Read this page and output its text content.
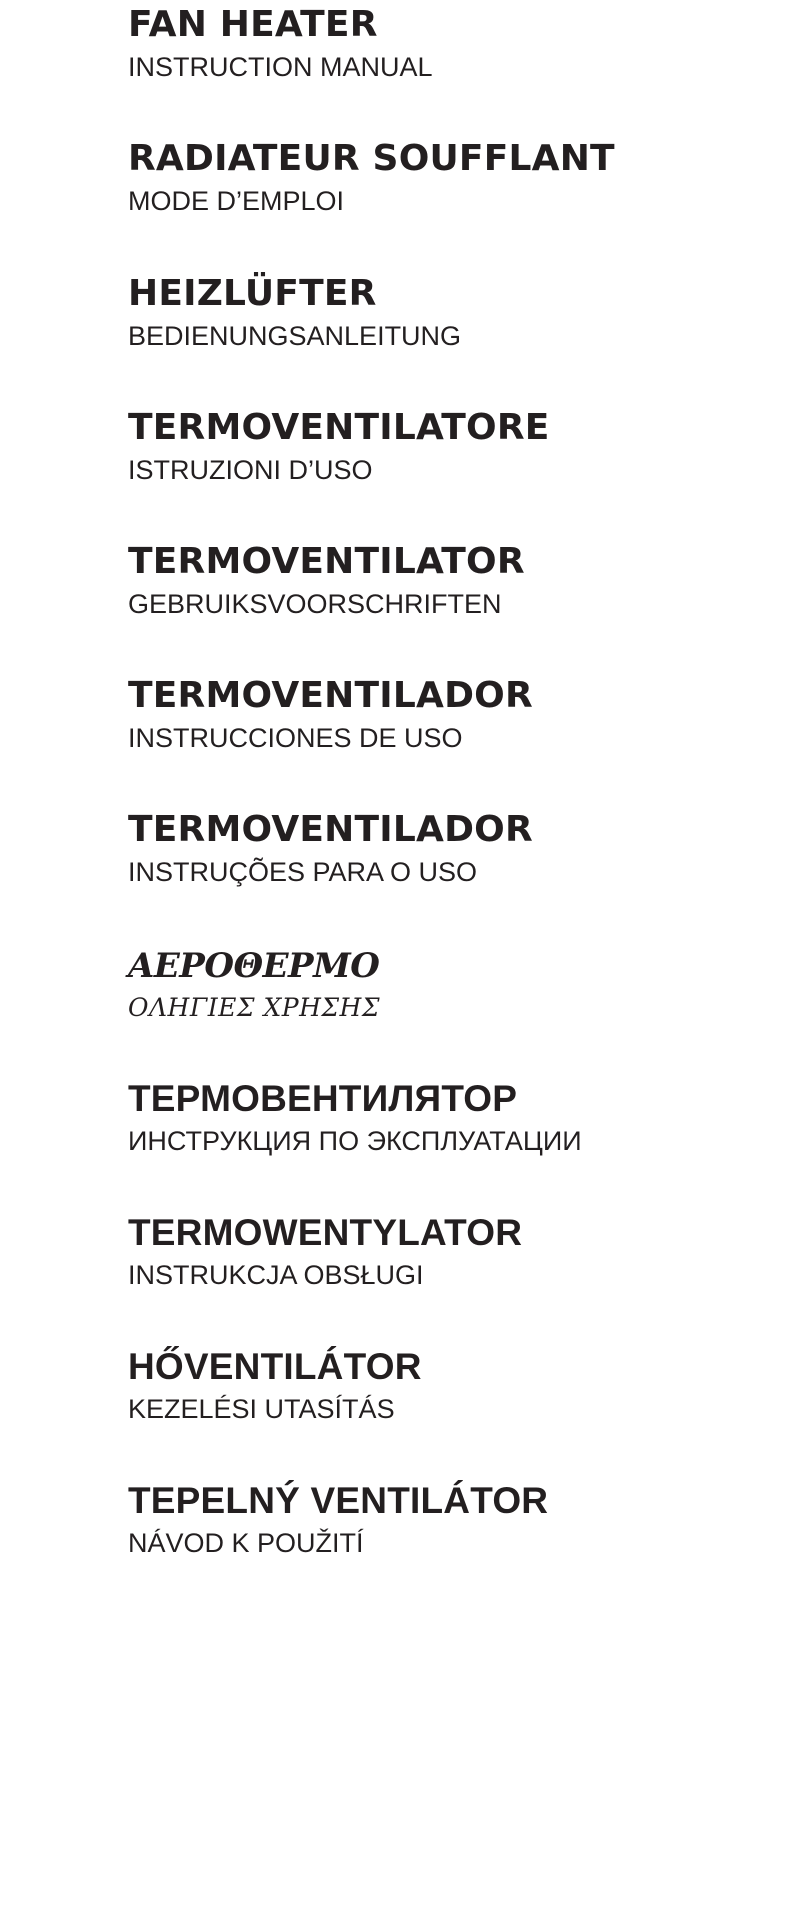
FAN HEATER
INSTRUCTION MANUAL
RADIATEUR SOUFFLANT
MODE D’EMPLOI
HEIZLÜFTER
BEDIENUNGSANLEITUNG
TERMOVENTILATORE
ISTRUZIONI D’USO
TERMOVENTILATOR
GEBRUIKSVOORSCHRIFTEN
TERMOVENTILADOR
INSTRUCCIONES DE USO
TERMOVENTILADOR
INSTRUÇÕES PARA O USO
ΑΕΡΟΘΕΡΜΟ
ΟΛΗΓΙΕΣ ΧΡΗΣΗΣ
ТЕРМОВЕНТИЛЯТОР
ИНСТРУКЦИЯ ПО ЭКСПЛУАТАЦИИ
TERMOWENTYLATOR
INSTRUKCJA OBSŁUGI
HŐVENTILÁTOR
KEZELÉSI UTASÍTÁS
TEPELNÝ VENTILÁTOR
NÁVOD K POUŽITÍ
